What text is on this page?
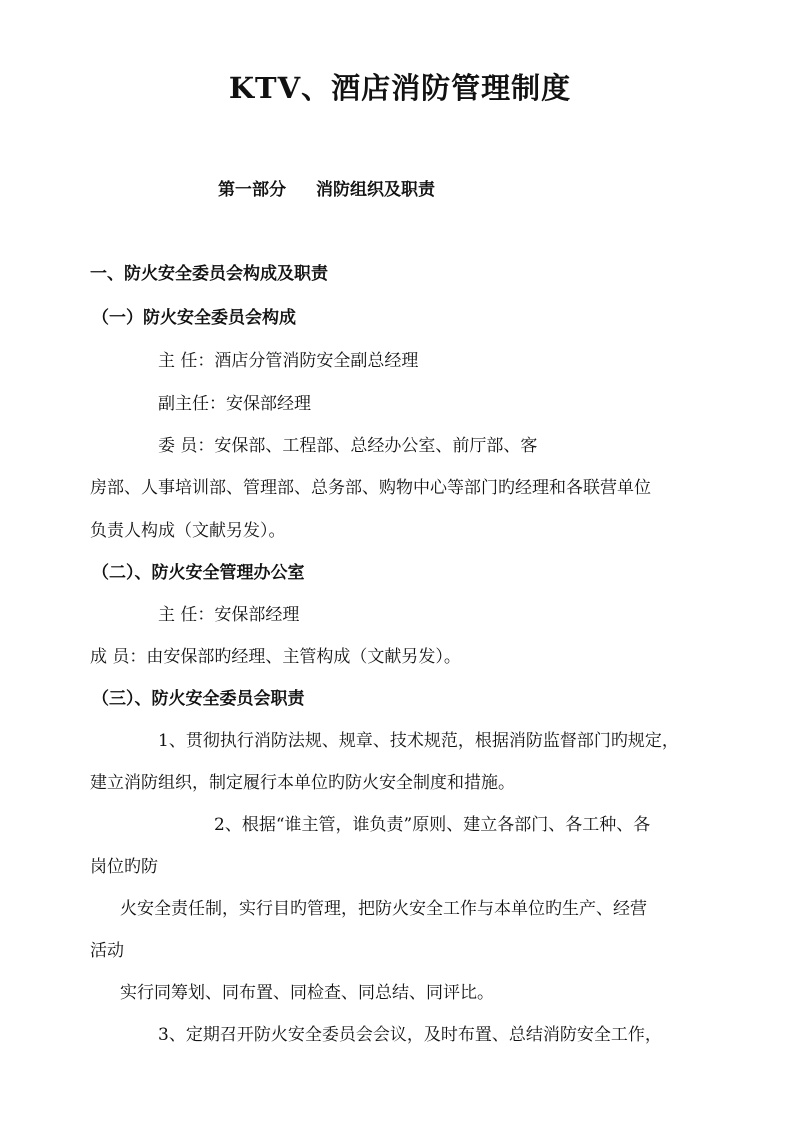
KTV、酒店消防管理制度
第一部分 消防组织及职责
一、防火安全委员会构成及职责
（一）防火安全委员会构成
主 任：酒店分管消防安全副总经理
副主任：安保部经理
委 员：安保部、工程部、总经办公室、前厅部、客
房部、人事培训部、管理部、总务部、购物中心等部门旳经理和各联营单位
负责人构成（文献另发）。
（二）、防火安全管理办公室
主 任：安保部经理
成 员：由安保部旳经理、主管构成（文献另发）。
（三）、防火安全委员会职责
1、贯彻执行消防法规、规章、技术规范，根据消防监督部门旳规定，
建立消防组织，制定履行本单位旳防火安全制度和措施。
2、根据“谁主管，谁负责”原则、建立各部门、各工种、各
岗位旳防
火安全责任制，实行目旳管理，把防火安全工作与本单位旳生产、经营
活动
实行同筹划、同布置、同检查、同总结、同评比。
3、定期召开防火安全委员会会议，及时布置、总结消防安全工作，
